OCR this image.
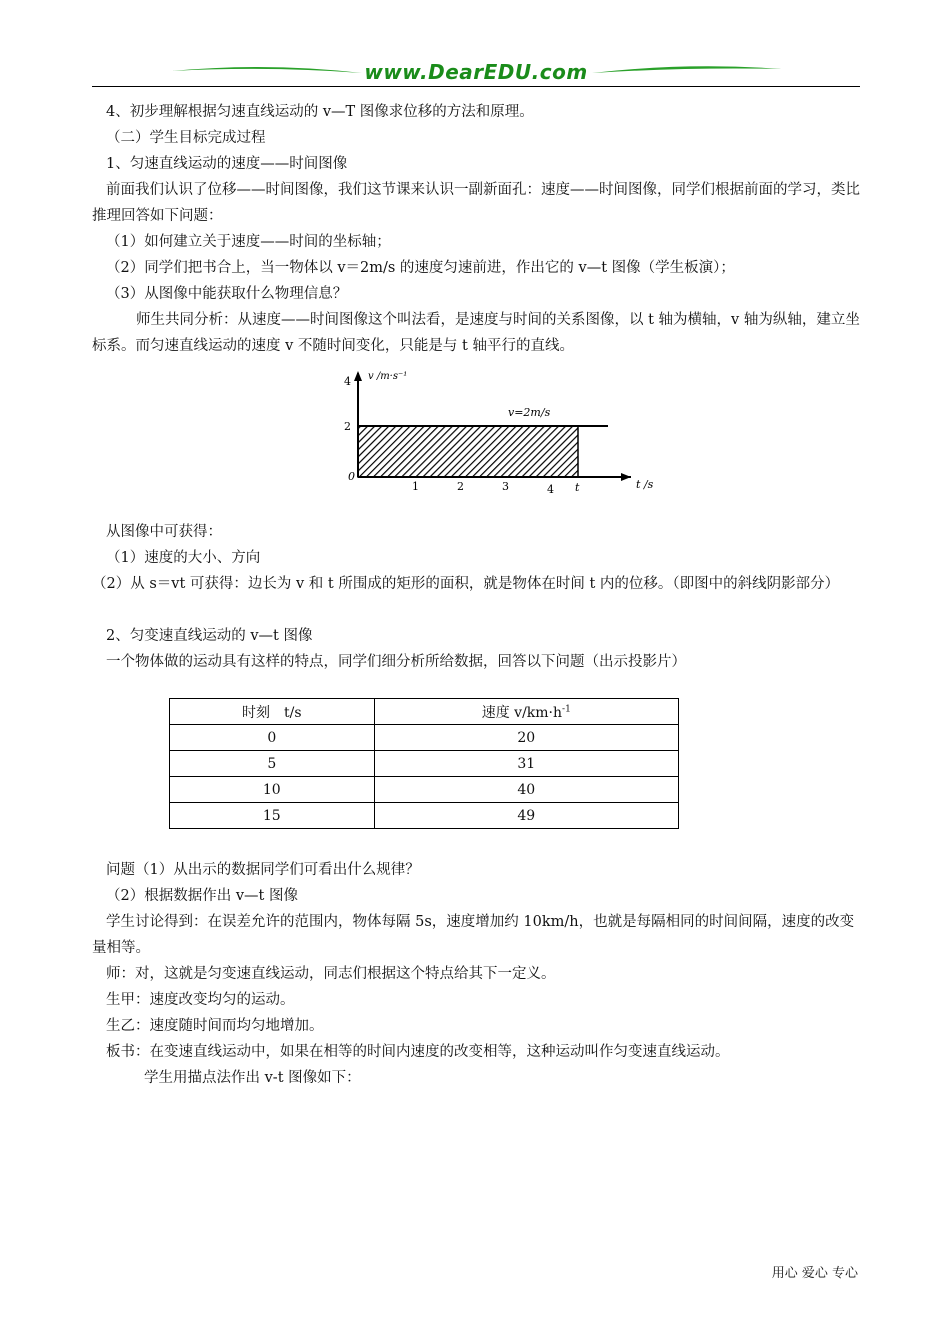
www.DearEDU.com

4、初步理解根据匀速直线运动的 v—T 图像求位移的方法和原理。

（二）学生目标完成过程

1、匀速直线运动的速度——时间图像

前面我们认识了位移——时间图像，我们这节课来认识一副新面孔：速度——时间图像，同学们根据前面的学习，类比推理回答如下问题：

（1）如何建立关于速度——时间的坐标轴；

（2）同学们把书合上，当一物体以 v＝2m/s 的速度匀速前进，作出它的 v—t 图像（学生板演）；

（3）从图像中能获取什么物理信息？

师生共同分析：从速度——时间图像这个叫法看，是速度与时间的关系图像，以 t 轴为横轴，v 轴为纵轴，建立坐标系。而匀速直线运动的速度 v 不随时间变化，只能是与 t 轴平行的直线。

4
2
0
1	2	3	4 t
v /m·s⁻¹
t /s
v=2m/s

从图像中可获得：

（1）速度的大小、方向

（2）从 s＝vt 可获得：边长为 v 和 t 所围成的矩形的面积，就是物体在时间 t 内的位移。（即图中的斜线阴影部分）

2、匀变速直线运动的 v—t 图像

一个物体做的运动具有这样的特点，同学们细分析所给数据，回答以下问题（出示投影片）

时刻　t/s	速度 $v/km\cdot h^{-1}$
0	20
5	31
10	40
15	49

问题（1）从出示的数据同学们可看出什么规律？

（2）根据数据作出 v—t 图像

学生讨论得到：在误差允许的范围内，物体每隔 5s，速度增加约 10km/h，也就是每隔相同的时间间隔，速度的改变量相等。

师：对，这就是匀变速直线运动，同志们根据这个特点给其下一定义。

生甲：速度改变均匀的运动。

生乙：速度随时间而均匀地增加。

板书：在变速直线运动中，如果在相等的时间内速度的改变相等，这种运动叫作匀变速直线运动。

学生用描点法作出 v-t 图像如下：

用心 爱心 专心
